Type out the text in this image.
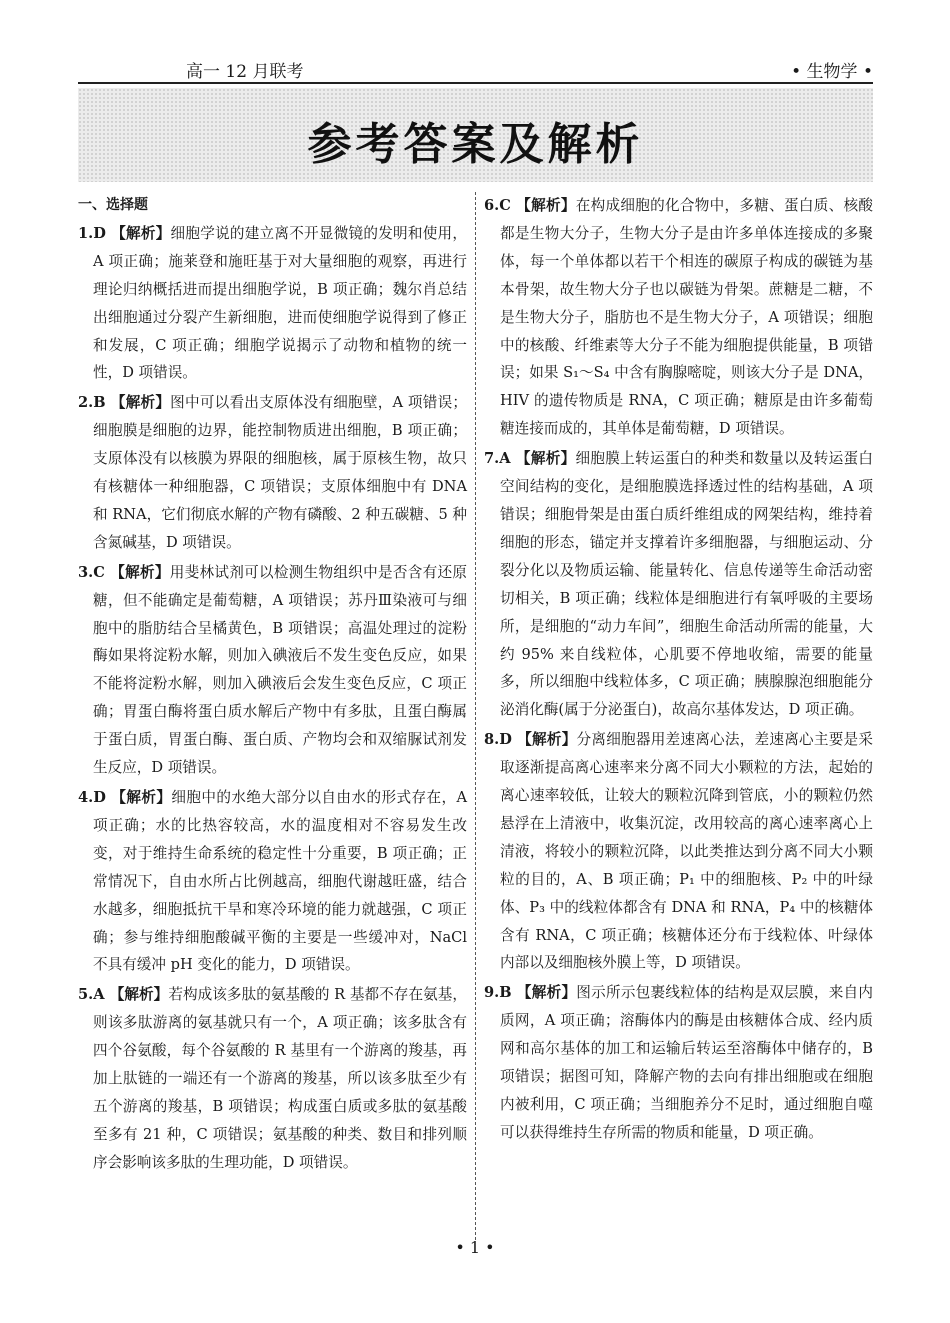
高一 12 月联考	• 生物学 •
参考答案及解析
一、选择题
1.D 【解析】细胞学说的建立离不开显微镜的发明和使用，A 项正确；施莱登和施旺基于对大量细胞的观察，再进行理论归纳概括进而提出细胞学说，B 项正确；魏尔肖总结出细胞通过分裂产生新细胞，进而使细胞学说得到了修正和发展，C 项正确；细胞学说揭示了动物和植物的统一性，D 项错误。
2.B 【解析】图中可以看出支原体没有细胞壁，A 项错误；细胞膜是细胞的边界，能控制物质进出细胞，B 项正确；支原体没有以核膜为界限的细胞核，属于原核生物，故只有核糖体一种细胞器，C 项错误；支原体细胞中有 DNA 和 RNA，它们彻底水解的产物有磷酸、2 种五碳糖、5 种含氮碱基，D 项错误。
3.C 【解析】用斐林试剂可以检测生物组织中是否含有还原糖，但不能确定是葡萄糖，A 项错误；苏丹Ⅲ染液可与细胞中的脂肪结合呈橘黄色，B 项错误；高温处理过的淀粉酶如果将淀粉水解，则加入碘液后不发生变色反应，如果不能将淀粉水解，则加入碘液后会发生变色反应，C 项正确；胃蛋白酶将蛋白质水解后产物中有多肽，且蛋白酶属于蛋白质，胃蛋白酶、蛋白质、产物均会和双缩脲试剂发生反应，D 项错误。
4.D 【解析】细胞中的水绝大部分以自由水的形式存在，A 项正确；水的比热容较高，水的温度相对不容易发生改变，对于维持生命系统的稳定性十分重要，B 项正确；正常情况下，自由水所占比例越高，细胞代谢越旺盛，结合水越多，细胞抵抗干旱和寒冷环境的能力就越强，C 项正确；参与维持细胞酸碱平衡的主要是一些缓冲对，NaCl 不具有缓冲 pH 变化的能力，D 项错误。
5.A 【解析】若构成该多肽的氨基酸的 R 基都不存在氨基，则该多肽游离的氨基就只有一个，A 项正确；该多肽含有四个谷氨酸，每个谷氨酸的 R 基里有一个游离的羧基，再加上肽链的一端还有一个游离的羧基，所以该多肽至少有五个游离的羧基，B 项错误；构成蛋白质或多肽的氨基酸至多有 21 种，C 项错误；氨基酸的种类、数目和排列顺序会影响该多肽的生理功能，D 项错误。
6.C 【解析】在构成细胞的化合物中，多糖、蛋白质、核酸都是生物大分子，生物大分子是由许多单体连接成的多聚体，每一个单体都以若干个相连的碳原子构成的碳链为基本骨架，故生物大分子也以碳链为骨架。蔗糖是二糖，不是生物大分子，脂肪也不是生物大分子，A 项错误；细胞中的核酸、纤维素等大分子不能为细胞提供能量，B 项错误；如果 S₁～S₄ 中含有胸腺嘧啶，则该大分子是 DNA，HIV 的遗传物质是 RNA，C 项正确；糖原是由许多葡萄糖连接而成的，其单体是葡萄糖，D 项错误。
7.A 【解析】细胞膜上转运蛋白的种类和数量以及转运蛋白空间结构的变化，是细胞膜选择透过性的结构基础，A 项错误；细胞骨架是由蛋白质纤维组成的网架结构，维持着细胞的形态，锚定并支撑着许多细胞器，与细胞运动、分裂分化以及物质运输、能量转化、信息传递等生命活动密切相关，B 项正确；线粒体是细胞进行有氧呼吸的主要场所，是细胞的“动力车间”，细胞生命活动所需的能量，大约 95% 来自线粒体，心肌要不停地收缩，需要的能量多，所以细胞中线粒体多，C 项正确；胰腺腺泡细胞能分泌消化酶(属于分泌蛋白)，故高尔基体发达，D 项正确。
8.D 【解析】分离细胞器用差速离心法，差速离心主要是采取逐渐提高离心速率来分离不同大小颗粒的方法，起始的离心速率较低，让较大的颗粒沉降到管底，小的颗粒仍然悬浮在上清液中，收集沉淀，改用较高的离心速率离心上清液，将较小的颗粒沉降，以此类推达到分离不同大小颗粒的目的，A、B 项正确；P₁ 中的细胞核、P₂ 中的叶绿体、P₃ 中的线粒体都含有 DNA 和 RNA，P₄ 中的核糖体含有 RNA，C 项正确；核糖体还分布于线粒体、叶绿体内部以及细胞核外膜上等，D 项错误。
9.B 【解析】图示所示包裹线粒体的结构是双层膜，来自内质网，A 项正确；溶酶体内的酶是由核糖体合成、经内质网和高尔基体的加工和运输后转运至溶酶体中储存的，B 项错误；据图可知，降解产物的去向有排出细胞或在细胞内被利用，C 项正确；当细胞养分不足时，通过细胞自噬可以获得维持生存所需的物质和能量，D 项正确。
• 1 •
